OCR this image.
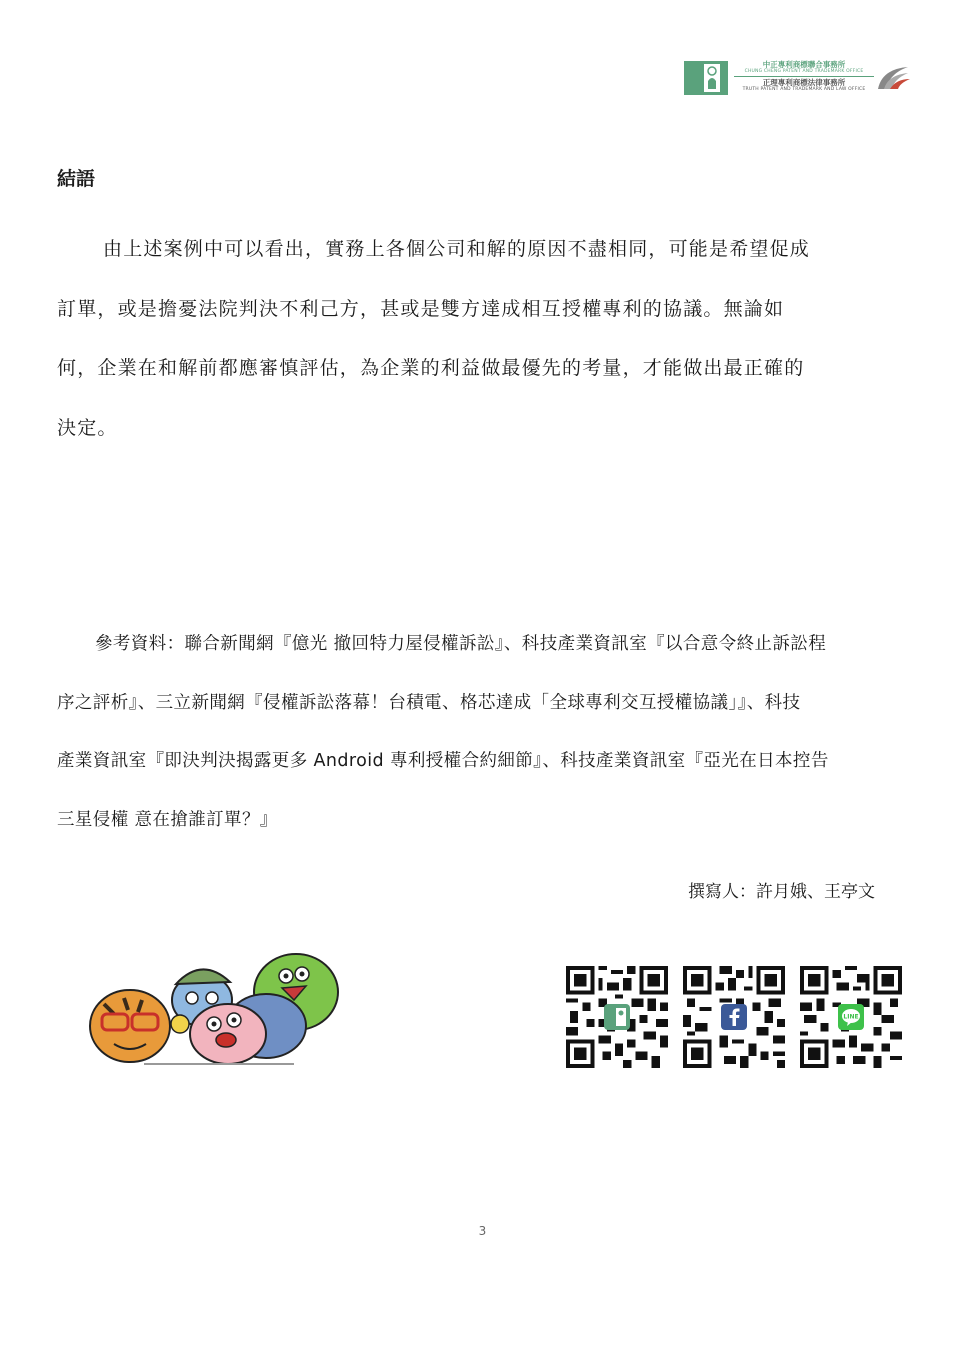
中正專利商標聯合事務所
CHUNG CHENG PATENT AND TRADEMARK OFFICE
正理專利商標法律事務所
TRUTH PATENT AND TRADEMARK AND LAW OFFICE
結語
由上述案例中可以看出，實務上各個公司和解的原因不盡相同，可能是希望促成
訂單，或是擔憂法院判決不利己方，甚或是雙方達成相互授權專利的協議。無論如
何，企業在和解前都應審慎評估，為企業的利益做最優先的考量，才能做出最正確的
決定。
參考資料：聯合新聞網『億光 撤回特力屋侵權訴訟』、科技產業資訊室『以合意令終止訴訟程
序之評析』、三立新聞網『侵權訴訟落幕！台積電、格芯達成「全球專利交互授權協議」』、科技
產業資訊室『即決判決揭露更多 Android 專利授權合約細節』、科技產業資訊室『亞光在日本控告
三星侵權 意在搶誰訂單？』
撰寫人：許月娥、王亭文
LINE
3
